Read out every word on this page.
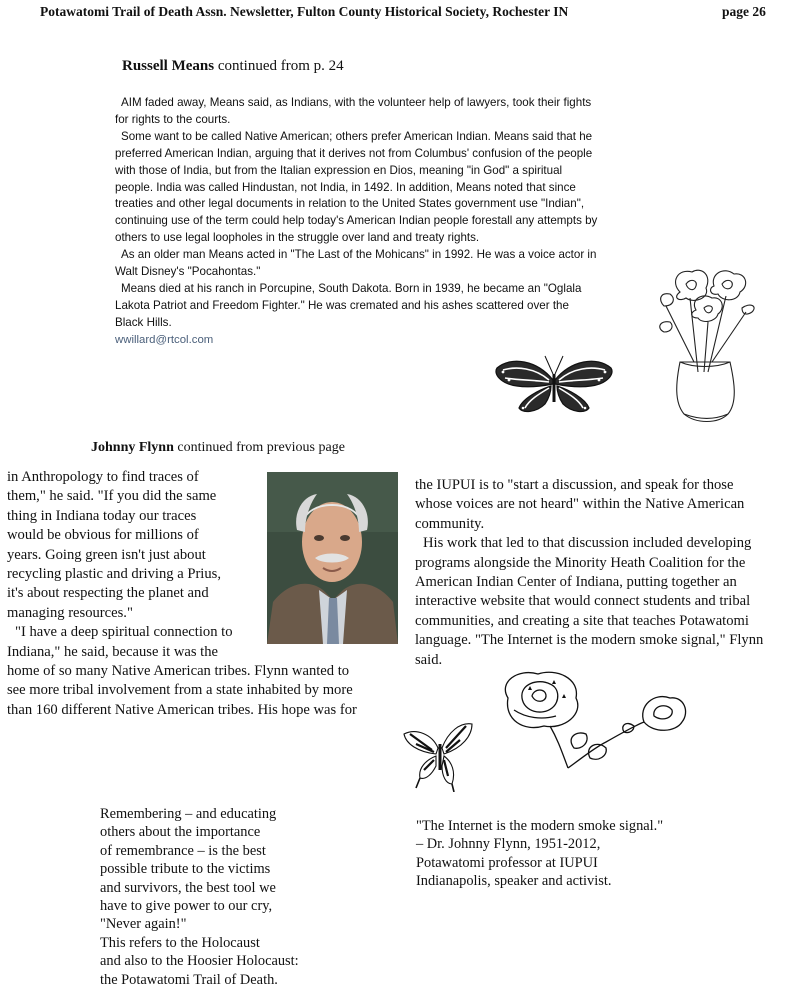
Potawatomi Trail of Death Assn. Newsletter, Fulton County Historical Society, Rochester IN	page 26
Russell Means continued from p. 24
AIM faded away, Means said, as Indians, with the volunteer help of lawyers, took their fights
for rights to the courts.
Some want to be called Native American; others prefer American Indian. Means said that he
preferred American Indian, arguing that it derives not from Columbus' confusion of the people
with those of India, but from the Italian expression en Dios, meaning "in God" a spiritual
people. India was called Hindustan, not India, in 1492. In addition, Means noted that since
treaties and other legal documents in relation to the United States government use "Indian",
continuing use of the term could help today's American Indian people forestall any attempts by
others to use legal loopholes in the struggle over land and treaty rights.
As an older man Means acted in "The Last of the Mohicans" in 1992. He was a voice actor in
Walt Disney's "Pocahontas."
Means died at his ranch in Porcupine, South Dakota. Born in 1939, he became an "Oglala
Lakota Patriot and Freedom Fighter." He was cremated and his ashes scattered over the
Black Hills.
wwillard@rtcol.com
Johnny Flynn continued from previous page
in Anthropology to find traces of
them," he said. "If you did the same
thing in Indiana today our traces
would be obvious for millions of
years. Going green isn't just about
recycling plastic and driving a Prius,
it's about respecting the planet and
managing resources."
"I have a deep spiritual connection to
Indiana," he said, because it was the
home of so many Native American tribes. Flynn wanted to
see more tribal involvement from a state inhabited by more
than 160 different Native American tribes. His hope was for
the IUPUI is to "start a discussion, and speak for those
whose voices are not heard" within the Native American
community.
His work that led to that discussion included developing
programs alongside the Minority Heath Coalition for the
American Indian Center of Indiana, putting together an
interactive website that would connect students and tribal
communities, and creating a site that teaches Potawatomi
language. "The Internet is the modern smoke signal," Flynn
said.
Remembering – and educating
others about the importance
of remembrance – is the best
possible tribute to the victims
and survivors, the best tool we
have to give power to our cry,
"Never again!"
This refers to the Holocaust
and also to the Hoosier Holocaust:
the Potawatomi Trail of Death.
"The Internet is the modern smoke signal."
– Dr. Johnny Flynn, 1951-2012,
Potawatomi professor at IUPUI
Indianapolis, speaker and activist.
